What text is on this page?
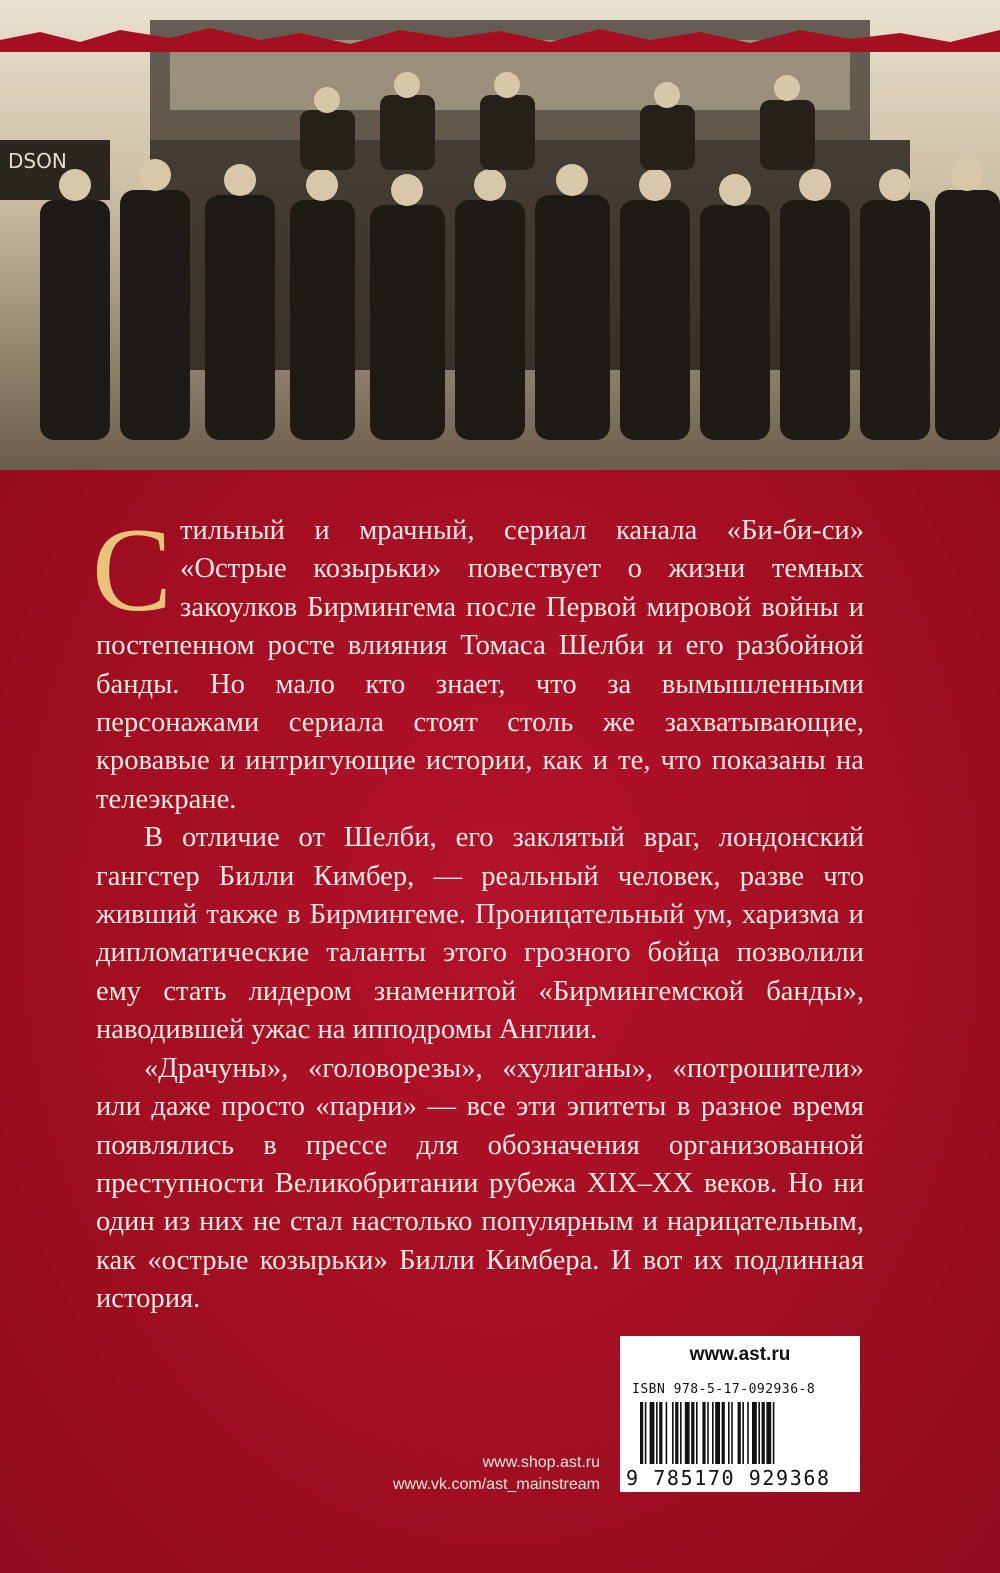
DSON

Стильный и мрачный, сериал канала «Би-би-си» «Острые козырьки» повествует о жизни темных закоулков Бирмингема после Первой мировой войны и постепенном росте влияния Томаса Шелби и его разбойной банды. Но мало кто знает, что за вымышленными персонажами сериала стоят столь же захватывающие, кровавые и интригующие истории, как и те, что показаны на телеэкране.

В отличие от Шелби, его заклятый враг, лондонский гангстер Билли Кимбер, — реальный человек, разве что живший также в Бирмингеме. Проницательный ум, харизма и дипломатические таланты этого грозного бойца позволили ему стать лидером знаменитой «Бирмингемской банды», наводившей ужас на ипподромы Англии.

«Драчуны», «головорезы», «хулиганы», «потрошители» или даже просто «парни» — все эти эпитеты в разное время появлялись в прессе для обозначения организованной преступности Великобритании рубежа XIX–XX веков. Но ни один из них не стал настолько популярным и нарицательным, как «острые козырьки» Билли Кимбера. И вот их подлинная история.

www.shop.ast.ru
www.vk.com/ast_mainstream
www.ast.ru
ISBN 978-5-17-092936-8
9 785170 929368
